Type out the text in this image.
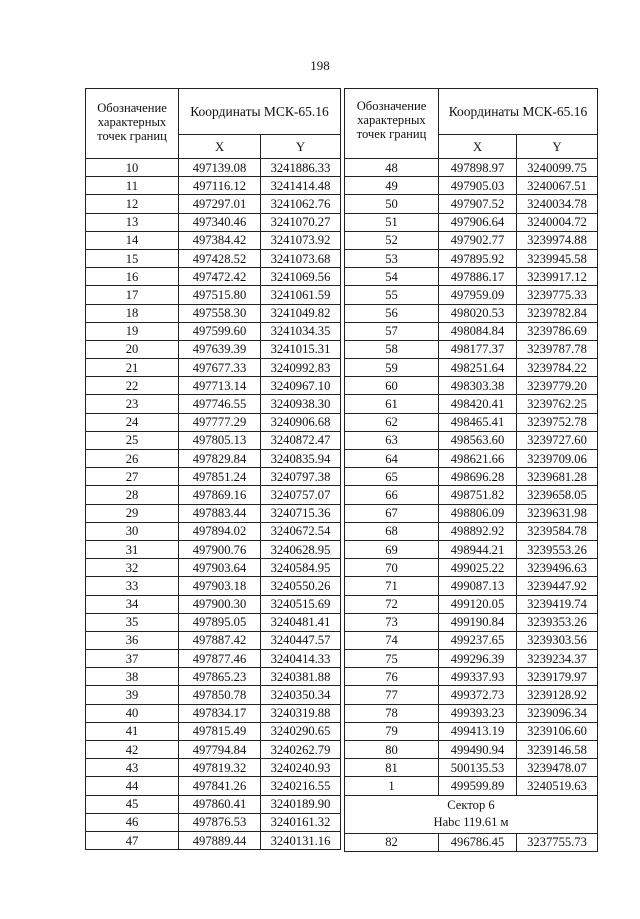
198
Обозначение характерных точек границ	Координаты МСК-65.16	
	X	Y
10	497139.08	3241886.33
11	497116.12	3241414.48
12	497297.01	3241062.76
13	497340.46	3241070.27
14	497384.42	3241073.92
15	497428.52	3241073.68
16	497472.42	3241069.56
17	497515.80	3241061.59
18	497558.30	3241049.82
19	497599.60	3241034.35
20	497639.39	3241015.31
21	497677.33	3240992.83
22	497713.14	3240967.10
23	497746.55	3240938.30
24	497777.29	3240906.68
25	497805.13	3240872.47
26	497829.84	3240835.94
27	497851.24	3240797.38
28	497869.16	3240757.07
29	497883.44	3240715.36
30	497894.02	3240672.54
31	497900.76	3240628.95
32	497903.64	3240584.95
33	497903.18	3240550.26
34	497900.30	3240515.69
35	497895.05	3240481.41
36	497887.42	3240447.57
37	497877.46	3240414.33
38	497865.23	3240381.88
39	497850.78	3240350.34
40	497834.17	3240319.88
41	497815.49	3240290.65
42	497794.84	3240262.79
43	497819.32	3240240.93
44	497841.26	3240216.55
45	497860.41	3240189.90
46	497876.53	3240161.32
47	497889.44	3240131.16
Обозначение характерных точек границ	Координаты МСК-65.16	
	X	Y
48	497898.97	3240099.75
49	497905.03	3240067.51
50	497907.52	3240034.78
51	497906.64	3240004.72
52	497902.77	3239974.88
53	497895.92	3239945.58
54	497886.17	3239917.12
55	497959.09	3239775.33
56	498020.53	3239782.84
57	498084.84	3239786.69
58	498177.37	3239787.78
59	498251.64	3239784.22
60	498303.38	3239779.20
61	498420.41	3239762.25
62	498465.41	3239752.78
63	498563.60	3239727.60
64	498621.66	3239709.06
65	498696.28	3239681.28
66	498751.82	3239658.05
67	498806.09	3239631.98
68	498892.92	3239584.78
69	498944.21	3239553.26
70	499025.22	3239496.63
71	499087.13	3239447.92
72	499120.05	3239419.74
73	499190.84	3239353.26
74	499237.65	3239303.56
75	499296.39	3239234.37
76	499337.93	3239179.97
77	499372.73	3239128.92
78	499393.23	3239096.34
79	499413.19	3239106.60
80	499490.94	3239146.58
81	500135.53	3239478.07
1	499599.89	3240519.63

Сектор 6
Нabс 119.61 м		

82	496786.45	3237755.73
